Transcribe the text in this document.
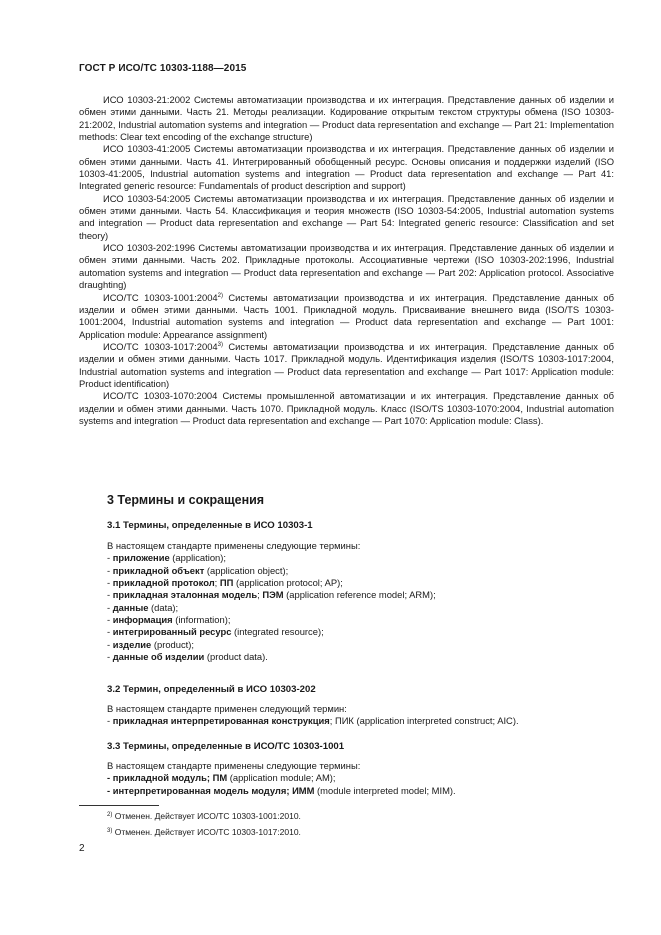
ГОСТ Р ИСО/ТС 10303-1188—2015

ИСО 10303-21:2002 Системы автоматизации производства и их интеграция. Представление данных об изделии и обмен этими данными. Часть 21. Методы реализации. Кодирование открытым текстом структуры обмена (ISO 10303-21:2002, Industrial automation systems and integration — Product data representation and exchange — Part 21: Implementation methods: Clear text encoding of the exchange structure)

ИСО 10303-41:2005 Системы автоматизации производства и их интеграция. Представление данных об изделии и обмен этими данными. Часть 41. Интегрированный обобщенный ресурс. Основы описания и поддержки изделий (ISO 10303-41:2005, Industrial automation systems and integration — Product data representation and exchange — Part 41: Integrated generic resource: Fundamentals of product description and support)

ИСО 10303-54:2005 Системы автоматизации производства и их интеграция. Представление данных об изделии и обмен этими данными. Часть 54. Классификация и теория множеств (ISO 10303-54:2005, Industrial automation systems and integration — Product data representation and exchange — Part 54: Integrated generic resource: Classification and set theory)

ИСО 10303-202:1996 Системы автоматизации производства и их интеграция. Представление данных об изделии и обмен этими данными. Часть 202. Прикладные протоколы. Ассоциативные чертежи (ISO 10303-202:1996, Industrial automation systems and integration — Product data representation and exchange — Part 202: Application protocol. Associative draughting)

ИСО/ТС 10303-1001:2004$^{2)}$ Системы автоматизации производства и их интеграция. Представление данных об изделии и обмен этими данными. Часть 1001. Прикладной модуль. Присваивание внешнего вида (ISO/TS 10303-1001:2004, Industrial automation systems and integration — Product data representation and exchange — Part 1001: Application module: Appearance assignment)

ИСО/ТС 10303-1017:2004$^{3)}$ Системы автоматизации производства и их интеграция. Представление данных об изделии и обмен этими данными. Часть 1017. Прикладной модуль. Идентификация изделия (ISO/TS 10303-1017:2004, Industrial automation systems and integration — Product data representation and exchange — Part 1017: Application module: Product identification)

ИСО/ТС 10303-1070:2004 Системы промышленной автоматизации и их интеграция. Представление данных об изделии и обмен этими данными. Часть 1070. Прикладной модуль. Класс (ISO/TS 10303-1070:2004, Industrial automation systems and integration — Product data representation and exchange — Part 1070: Application module: Class).

3 Термины и сокращения
3.1 Термины, определенные в ИСО 10303-1
В настоящем стандарте применены следующие термины:
- приложение (application);
- прикладной объект (application object);
- прикладной протокол; ПП (application protocol; AP);
- прикладная эталонная модель; ПЭМ (application reference model; ARM);
- данные (data);
- информация (information);
- интегрированный ресурс (integrated resource);
- изделие (product);
- данные об изделии (product data).
3.2 Термин, определенный в ИСО 10303-202
В настоящем стандарте применен следующий термин:
- прикладная интерпретированная конструкция; ПИК (application interpreted construct; AIC).
3.3 Термины, определенные в ИСО/ТС 10303-1001
В настоящем стандарте применены следующие термины:
- прикладной модуль; ПМ (application module; AM);
- интерпретированная модель модуля; ИММ (module interpreted model; MIM).
$^{2)}$ Отменен. Действует ИСО/ТС 10303-1001:2010.
$^{3)}$ Отменен. Действует ИСО/ТС 10303-1017:2010.
2
